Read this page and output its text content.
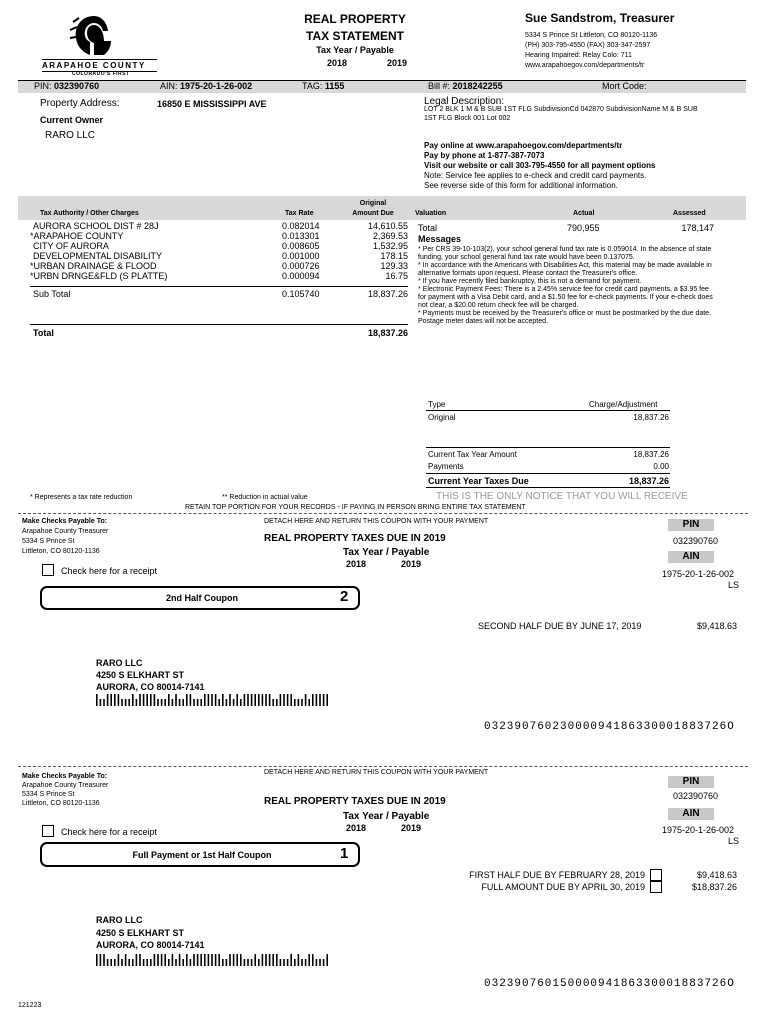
ARAPAHOE COUNTY
COLORADO'S FIRST
REAL PROPERTY
TAX STATEMENT
Tax Year / Payable
2018	2019
Sue Sandstrom, Treasurer
5334 S Prince St Littleton, CO 80120-1136
(PH) 303-795-4550 (FAX) 303-347-2597
Hearing Impaired: Relay Colo: 711
www.arapahoegov.com/departments/tr
PIN: 032390760	AIN: 1975-20-1-26-002	TAG: 1155	Bill #: 2018242255	Mort Code:
Property Address:	16850 E MISSISSIPPI AVE
Current Owner
RARO LLC
Legal Description:
LOT 2 BLK 1 M & B SUB 1ST FLG SubdivisionCd 042870 SubdivisionName M & B SUB
1ST FLG Block 001 Lot 002
Pay online at www.arapahoegov.com/departments/tr
Pay by phone at 1-877-387-7073
Visit our website or call 303-795-4550 for all payment options
Note: Service fee applies to e-check and credit card payments.
See reverse side of this form for additional information.
Tax Authority / Other Charges	Tax Rate
Original
Amount Due	Valuation	Actual	Assessed
AURORA SCHOOL DIST # 28J	0.082014	14,610.55
*ARAPAHOE COUNTY	0.013301	2,369.53
CITY OF AURORA	0.008605	1,532.95
DEVELOPMENTAL DISABILITY	0.001000	178.15
*URBAN DRAINAGE & FLOOD	0.000726	129.33
*URBN DRNGE&FLD (S PLATTE)	0.000094	16.75
Sub Total	0.105740	18,837.26
Total	18,837.26
Total	790,955	178,147
Messages
* Per CRS 39-10-103(2), your school general fund tax rate is 0.059014. In the absence of state funding, your school general fund tax rate would have been 0.137075.
* In accordance with the Americans with Disabilities Act, this material may be made available in alternative formats upon request. Please contact the Treasurer's office.
* If you have recently filed bankruptcy, this is not a demand for payment.
* Electronic Payment Fees: There is a 2.45% service fee for credit card payments, a $3.95 fee for payment with a Visa Debit card, and a $1.50 fee for e-check payments. If your e-check does not clear, a $20.00 return check fee will be charged.
* Payments must be received by the Treasurer's office or must be postmarked by the due date. Postage meter dates will not be accepted.
Type	Charge/Adjustment
Original	18,837.26
Current Tax Year Amount	18,837.26
Payments	0.00
Current Year Taxes Due	18,837.26
* Represents a tax rate reduction	** Reduction in actual value	THIS IS THE ONLY NOTICE THAT YOU WILL RECEIVE
RETAIN TOP PORTION FOR YOUR RECORDS - IF PAYING IN PERSON BRING ENTIRE TAX STATEMENT
Make Checks Payable To:
Arapahoe County Treasurer
5334 S Prince St
Littleton, CO 80120-1136
DETACH HERE AND RETURN THIS COUPON WITH YOUR PAYMENT
REAL PROPERTY TAXES DUE IN 2019
Tax Year / Payable
2018	2019
Check here for a receipt
PIN
032390760
AIN
1975-20-1-26-002
LS
2nd Half Coupon	2
SECOND HALF DUE BY JUNE 17, 2019	$9,418.63
RARO LLC
4250 S ELKHART ST
AURORA, CO 80014-7141
03239076023000094186330001883726O
Make Checks Payable To:
Arapahoe County Treasurer
5334 S Prince St
Littleton, CO 80120-1136
DETACH HERE AND RETURN THIS COUPON WITH YOUR PAYMENT
REAL PROPERTY TAXES DUE IN 2019
Tax Year / Payable
2018	2019
Check here for a receipt
PIN
032390760
AIN
1975-20-1-26-002
LS
Full Payment or 1st Half Coupon	1
FIRST HALF DUE BY FEBRUARY 28, 2019	$9,418.63
FULL AMOUNT DUE BY APRIL 30, 2019	$18,837.26
RARO LLC
4250 S ELKHART ST
AURORA, CO 80014-7141
03239076015000094186330001883726O
121223
